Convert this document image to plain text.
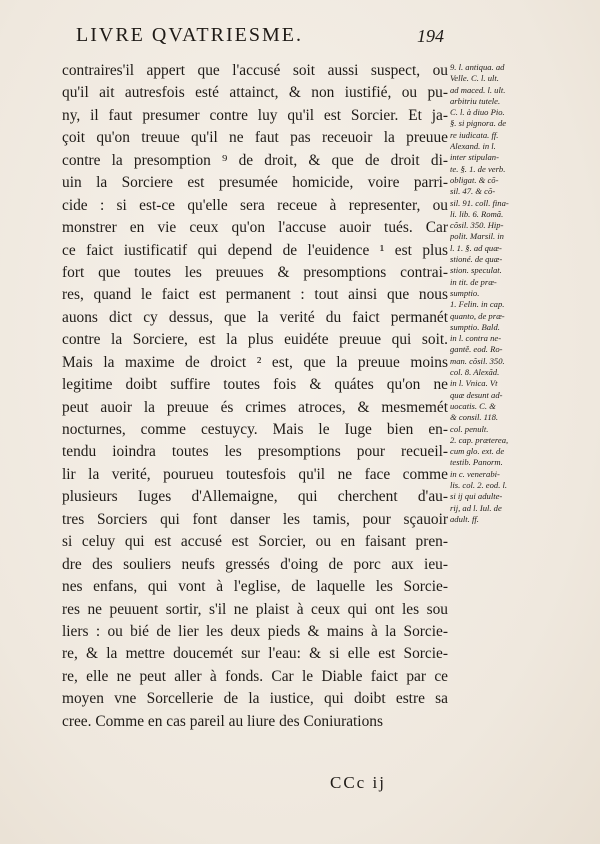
LIVRE QVATRIESME.	194
contraires'il appert que l'accusé soit aussi suspect, ou
qu'il ait autresfois esté attainct, & non iustifié, ou pu-
ny, il faut presumer contre luy qu'il est Sorcier. Et ja-
çoit qu'on treuue qu'il ne faut pas receuoir la preuue
contre la presomption ⁹ de droit, & que de droit di-
uin la Sorciere est presumée homicide, voire parri-
cide : si est-ce qu'elle sera receue à representer, ou
monstrer en vie ceux qu'on l'accuse auoir tués. Car
ce faict iustificatif qui depend de l'euidence ¹ est plus
fort que toutes les preuues & presomptions contrai-
res, quand le faict est permanent : tout ainsi que nous
auons dict cy dessus, que la verité du faict permanét
contre la Sorciere, est la plus euidéte preuue qui soit.
Mais la maxime de droict ² est, que la preuue moins
legitime doibt suffire toutes fois & quátes qu'on ne
peut auoir la preuue és crimes atroces, & mesmemét
nocturnes, comme cestuycy. Mais le Iuge bien en-
tendu ioindra toutes les presomptions pour recueil-
lir la verité, pourueu toutesfois qu'il ne face comme
plusieurs Iuges d'Allemaigne, qui cherchent d'au-
tres Sorciers qui font danser les tamis, pour sçauoir
si celuy qui est accusé est Sorcier, ou en faisant pren-
dre des souliers neufs gressés d'oing de porc aux ieu-
nes enfans, qui vont à l'eglise, de laquelle les Sorcie-
res ne peuuent sortir, s'il ne plaist à ceux qui ont les sou
liers : ou bié de lier les deux pieds & mains à la Sorcie-
re, & la mettre doucemét sur l'eau: & si elle est Sorcie-
re, elle ne peut aller à fonds. Car le Diable faict par ce
moyen vne Sorcellerie de la iustice, qui doibt estre sa
cree. Comme en cas pareil au liure des Coniurations
9. l. antiqua. ad
Velle. C. l. ult.
ad maced. l. ult.
arbitriu tutele.
C. l. à diuo Pio.
§. si pignora. de
re iudicata. ff.
Alexand. in l.
inter stipulan-
te. §. 1. de verb.
obligat. & cõ-
sil. 47. & cõ-
sil. 91. coll. fina-
li. lib. 6. Romã.
cõsil. 350. Hip-
polit. Marsil. in
l. 1. §. ad quæ-
stioné. de quæ-
stion. speculat.
in tit. de præ-
sumptio.
1. Felin. in cap.
quanto, de præ-
sumptio. Bald.
in l. contra ne-
gantě. eod. Ro-
man. cõsil. 350.
col. 8. Alexãd.
in l. Vnica. Vt
quæ desunt ad-
uocatis. C. &
& consil. 118.
col. penult.
2. cap. præterea,
cum glo. ext. de
testib. Panorm.
in c. venerabi-
lis. col. 2. eod. l.
si ij qui adulte-
rij, ad l. Iul. de
adult. ff.
CCc ij
